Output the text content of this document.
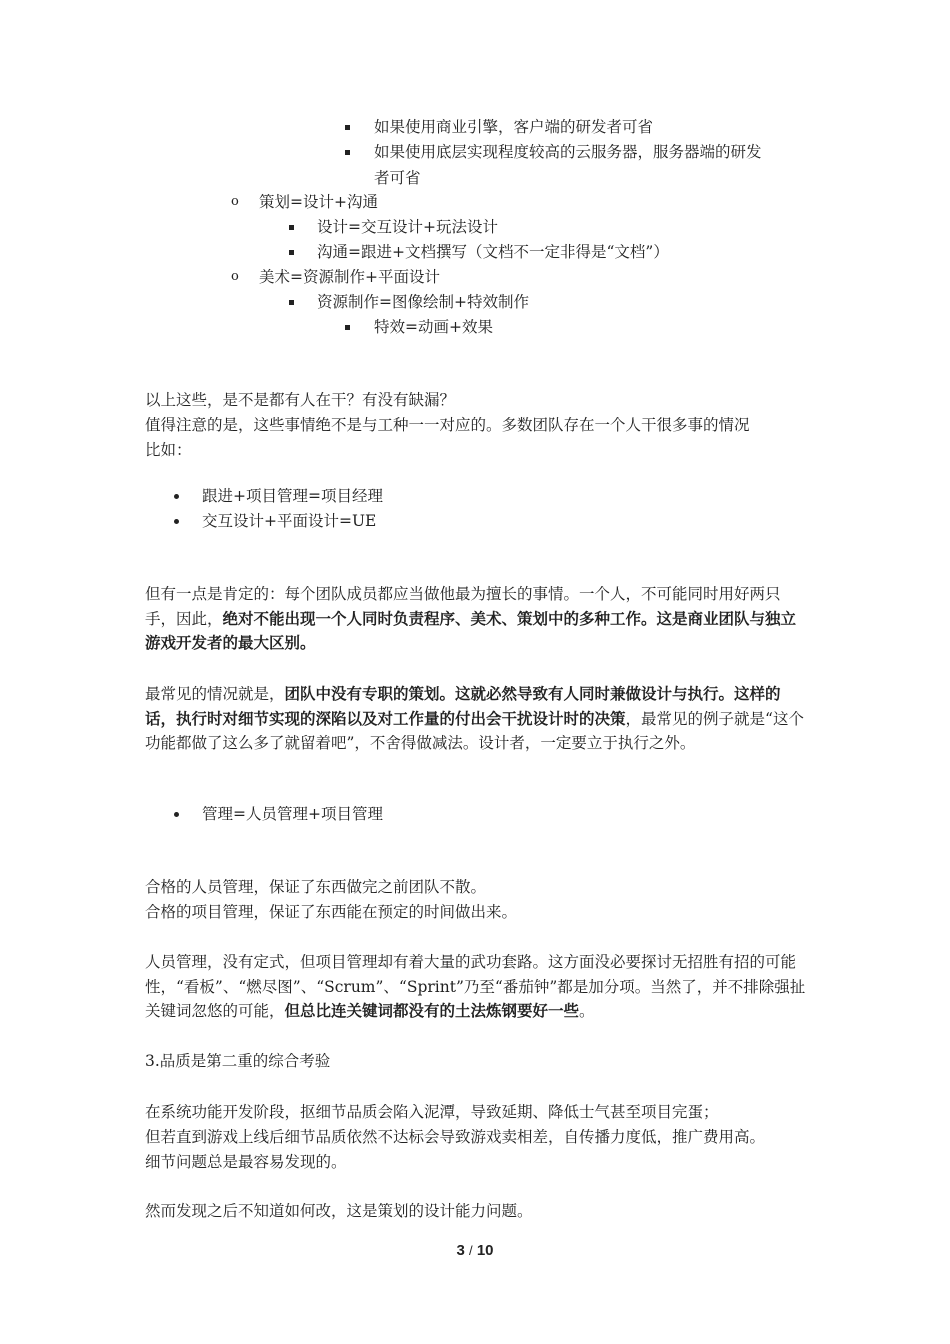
如果使用商业引擎，客户端的研发者可省
如果使用底层实现程度较高的云服务器，服务器端的研发
者可省
o 策划=设计+沟通
设计=交互设计+玩法设计
沟通=跟进+文档撰写（文档不一定非得是“文档”）
o 美术=资源制作+平面设计
资源制作=图像绘制+特效制作
特效=动画+效果
以上这些，是不是都有人在干？有没有缺漏？
值得注意的是，这些事情绝不是与工种一一对应的。多数团队存在一个人干很多事的情况
比如：
跟进+项目管理=项目经理
交互设计+平面设计=UE
但有一点是肯定的：每个团队成员都应当做他最为擅长的事情。一个人，不可能同时用好两只手，因此，绝对不能出现一个人同时负责程序、美术、策划中的多种工作。这是商业团队与独立游戏开发者的最大区别。
最常见的情况就是，团队中没有专职的策划。这就必然导致有人同时兼做设计与执行。这样的话，执行时对细节实现的深陷以及对工作量的付出会干扰设计时的决策，最常见的例子就是“这个功能都做了这么多了就留着吧”，不舍得做减法。设计者，一定要立于执行之外。
管理=人员管理+项目管理
合格的人员管理，保证了东西做完之前团队不散。
合格的项目管理，保证了东西能在预定的时间做出来。
人员管理，没有定式，但项目管理却有着大量的武功套路。这方面没必要探讨无招胜有招的可能性，“看板”、“燃尽图”、“Scrum”、“Sprint”乃至“番茄钟”都是加分项。当然了，并不排除强扯关键词忽悠的可能，但总比连关键词都没有的土法炼钢要好一些。
3.品质是第二重的综合考验
在系统功能开发阶段，抠细节品质会陷入泥潭，导致延期、降低士气甚至项目完蛋；
但若直到游戏上线后细节品质依然不达标会导致游戏卖相差，自传播力度低，推广费用高。
细节问题总是最容易发现的。
然而发现之后不知道如何改，这是策划的设计能力问题。
3 / 10
